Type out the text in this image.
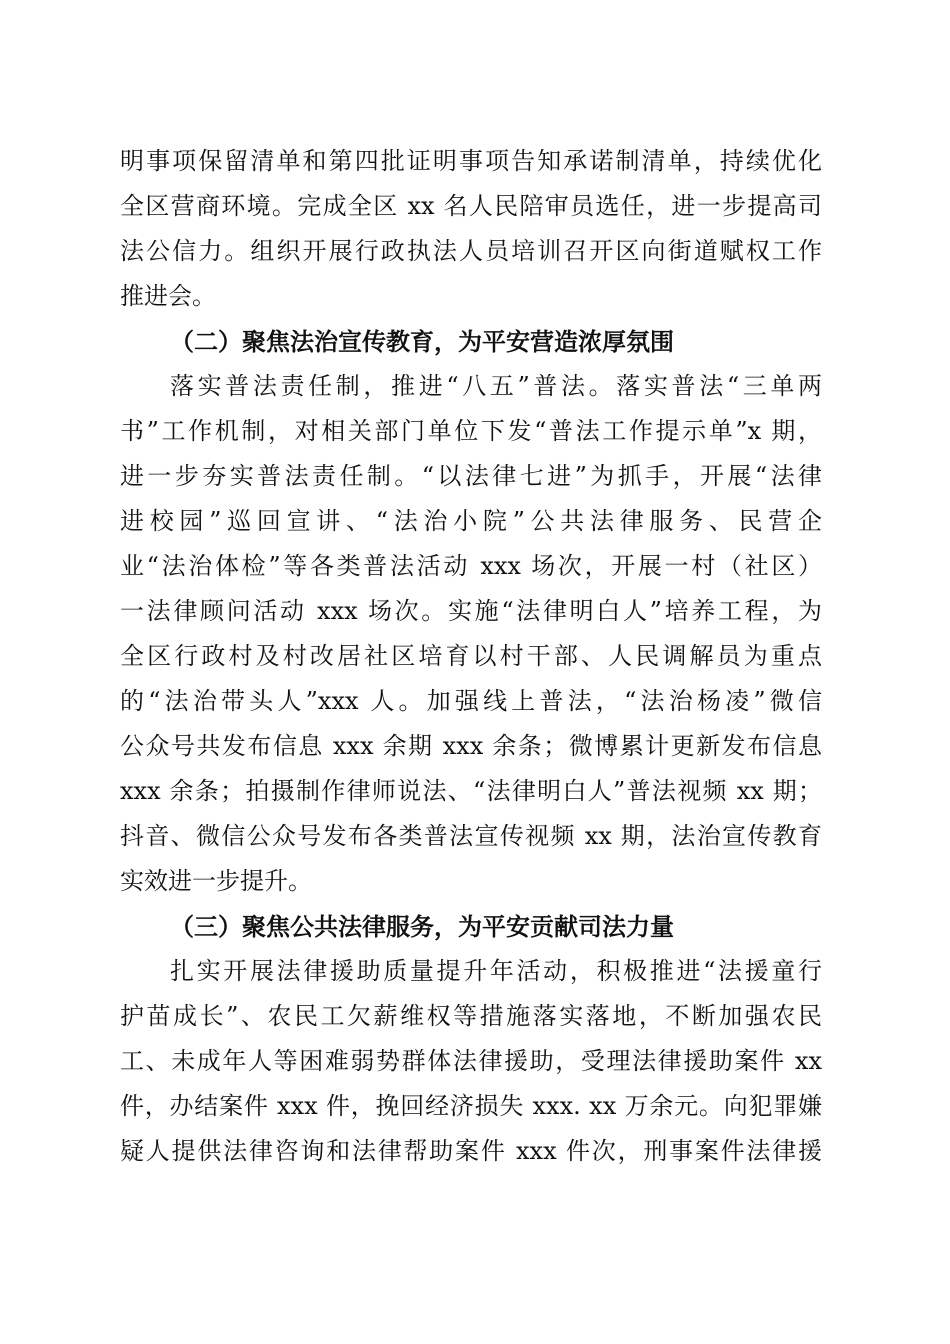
明事项保留清单和第四批证明事项告知承诺制清单，持续优化
全区营商环境。完成全区 xx 名人民陪审员选任，进一步提高司
法公信力。组织开展行政执法人员培训召开区向街道赋权工作
推进会。
（二）聚焦法治宣传教育，为平安营造浓厚氛围
落实普法责任制，推进“八五”普法。落实普法“三单两
书”工作机制，对相关部门单位下发“普法工作提示单”x 期，
进一步夯实普法责任制。“以法律七进”为抓手，开展“法律
进校园”巡回宣讲、“法治小院”公共法律服务、民营企
业“法治体检”等各类普法活动 xxx 场次，开展一村（社区）
一法律顾问活动 xxx 场次。实施“法律明白人”培养工程，为
全区行政村及村改居社区培育以村干部、人民调解员为重点
的“法治带头人”xxx 人。加强线上普法，“法治杨凌”微信
公众号共发布信息 xxx 余期 xxx 余条；微博累计更新发布信息
xxx 余条；拍摄制作律师说法、“法律明白人”普法视频 xx 期；
抖音、微信公众号发布各类普法宣传视频 xx 期，法治宣传教育
实效进一步提升。
（三）聚焦公共法律服务，为平安贡献司法力量
扎实开展法律援助质量提升年活动，积极推进“法援童行
护苗成长”、农民工欠薪维权等措施落实落地，不断加强农民
工、未成年人等困难弱势群体法律援助，受理法律援助案件 xx
件，办结案件 xxx 件，挽回经济损失 xxx. xx 万余元。向犯罪嫌
疑人提供法律咨询和法律帮助案件 xxx 件次，刑事案件法律援
